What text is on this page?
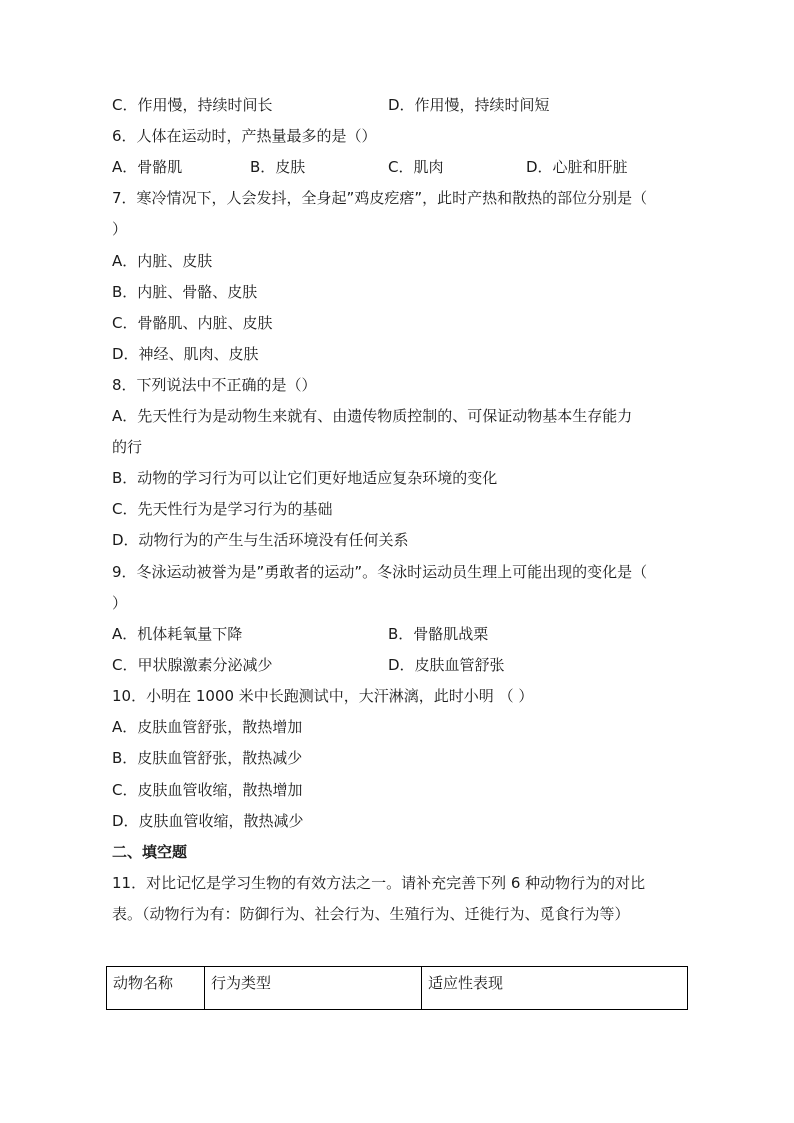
C．作用慢，持续时间长	D．作用慢，持续时间短
6．人体在运动时，产热量最多的是（）
A．骨骼肌	B．皮肤	C．肌肉	D．心脏和肝脏
7．寒冷情况下，人会发抖，全身起”鸡皮疙瘩”，此时产热和散热的部位分别是（
）
A．内脏、皮肤
B．内脏、骨骼、皮肤
C．骨骼肌、内脏、皮肤
D．神经、肌肉、皮肤
8．下列说法中不正确的是（）
A．先天性行为是动物生来就有、由遗传物质控制的、可保证动物基本生存能力
的行
B．动物的学习行为可以让它们更好地适应复杂环境的变化
C．先天性行为是学习行为的基础
D．动物行为的产生与生活环境没有任何关系
9．冬泳运动被誉为是”勇敢者的运动”。冬泳时运动员生理上可能出现的变化是（
）
A．机体耗氧量下降	B．骨骼肌战栗
C．甲状腺激素分泌减少	D．皮肤血管舒张
10．小明在 1000 米中长跑测试中，大汗淋漓，此时小明 （ ）
A．皮肤血管舒张，散热增加
B．皮肤血管舒张，散热减少
C．皮肤血管收缩，散热增加
D．皮肤血管收缩，散热减少
二、填空题
11．对比记忆是学习生物的有效方法之一。请补充完善下列 6 种动物行为的对比
表。（动物行为有：防御行为、社会行为、生殖行为、迁徙行为、觅食行为等）
动物名称	行为类型	适应性表现
